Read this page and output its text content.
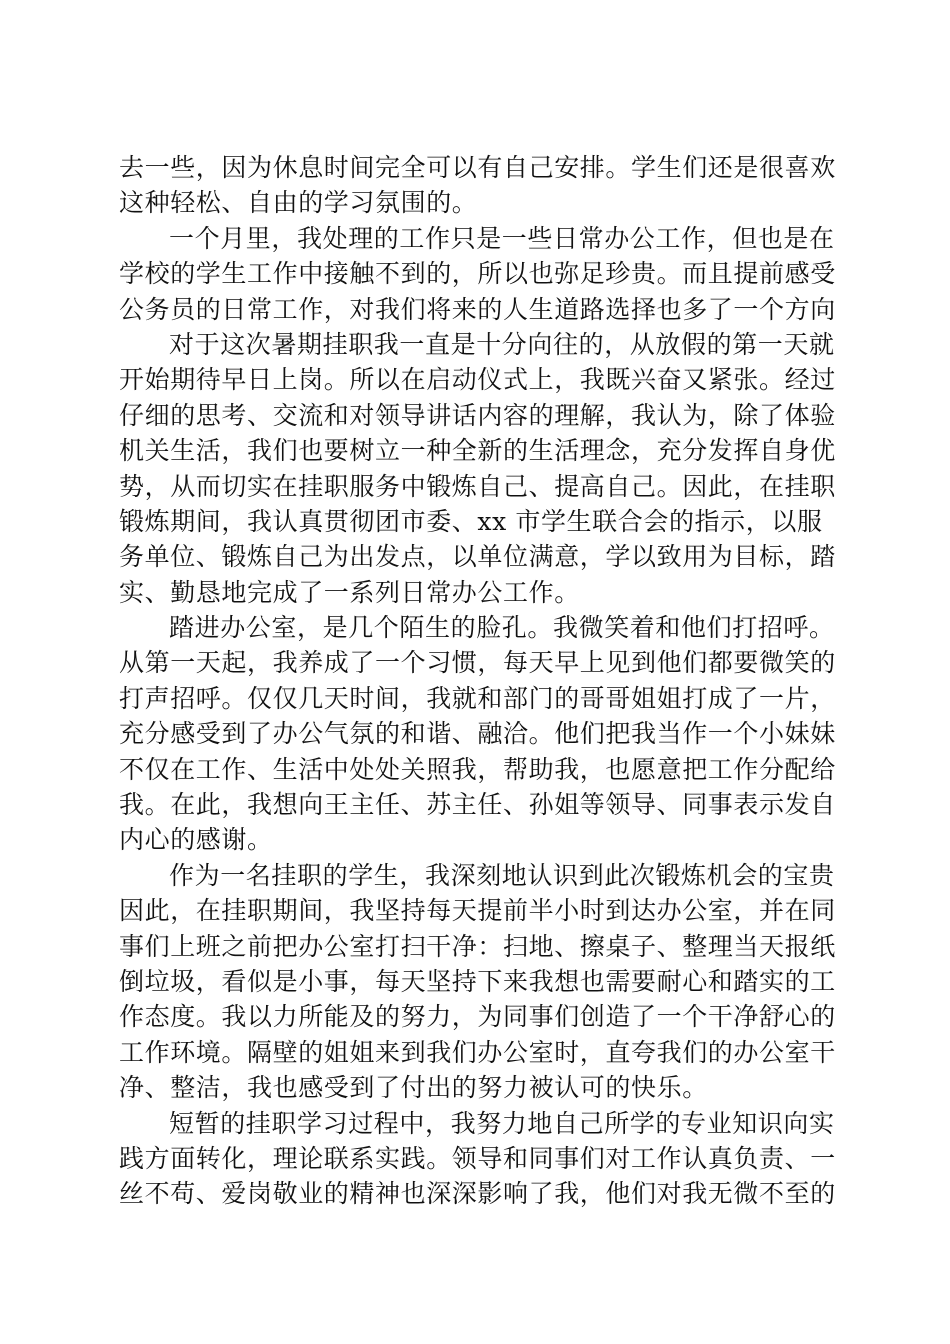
去一些，因为休息时间完全可以有自己安排。学生们还是很喜欢
这种轻松、自由的学习氛围的。
一个月里，我处理的工作只是一些日常办公工作，但也是在
学校的学生工作中接触不到的，所以也弥足珍贵。而且提前感受
公务员的日常工作，对我们将来的人生道路选择也多了一个方向
对于这次暑期挂职我一直是十分向往的，从放假的第一天就
开始期待早日上岗。所以在启动仪式上，我既兴奋又紧张。经过
仔细的思考、交流和对领导讲话内容的理解，我认为，除了体验
机关生活，我们也要树立一种全新的生活理念，充分发挥自身优
势，从而切实在挂职服务中锻炼自己、提高自己。因此，在挂职
锻炼期间，我认真贯彻团市委、xx 市学生联合会的指示，以服
务单位、锻炼自己为出发点，以单位满意，学以致用为目标，踏
实、勤恳地完成了一系列日常办公工作。
踏进办公室，是几个陌生的脸孔。我微笑着和他们打招呼。
从第一天起，我养成了一个习惯，每天早上见到他们都要微笑的
打声招呼。仅仅几天时间，我就和部门的哥哥姐姐打成了一片，
充分感受到了办公气氛的和谐、融洽。他们把我当作一个小妹妹
不仅在工作、生活中处处关照我，帮助我，也愿意把工作分配给
我。在此，我想向王主任、苏主任、孙姐等领导、同事表示发自
内心的感谢。
作为一名挂职的学生，我深刻地认识到此次锻炼机会的宝贵
因此，在挂职期间，我坚持每天提前半小时到达办公室，并在同
事们上班之前把办公室打扫干净：扫地、擦桌子、整理当天报纸
倒垃圾，看似是小事，每天坚持下来我想也需要耐心和踏实的工
作态度。我以力所能及的努力，为同事们创造了一个干净舒心的
工作环境。隔壁的姐姐来到我们办公室时，直夸我们的办公室干
净、整洁，我也感受到了付出的努力被认可的快乐。
短暂的挂职学习过程中，我努力地自己所学的专业知识向实
践方面转化，理论联系实践。领导和同事们对工作认真负责、一
丝不苟、爱岗敬业的精神也深深影响了我，他们对我无微不至的
